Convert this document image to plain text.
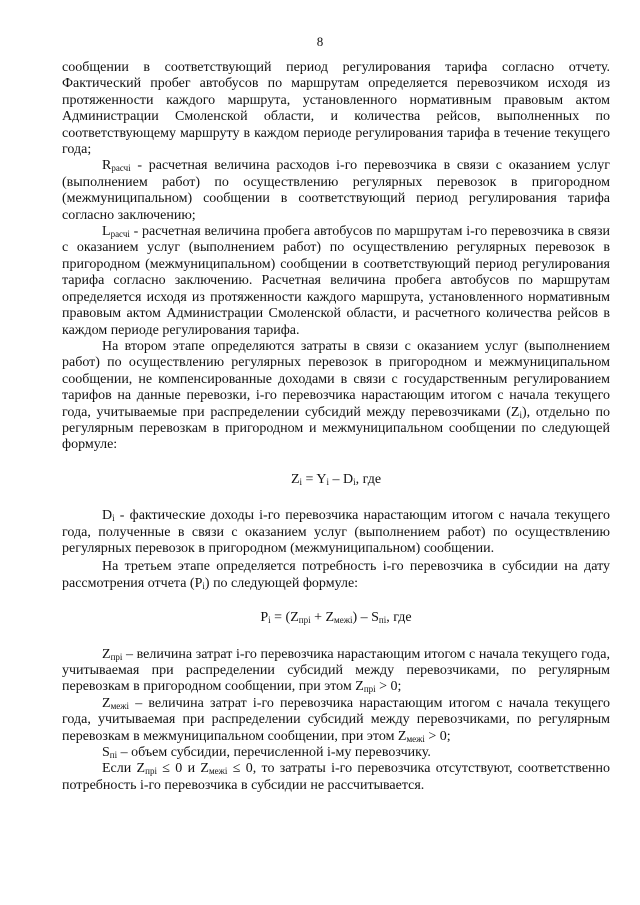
8

сообщении в соответствующий период регулирования тарифа согласно отчету. Фактический пробег автобусов по маршрутам определяется перевозчиком исходя из протяженности каждого маршрута, установленного нормативным правовым актом Администрации Смоленской области, и количества рейсов, выполненных по соответствующему маршруту в каждом периоде регулирования тарифа в течение текущего года;

$R_{расчi}$ - расчетная величина расходов i-го перевозчика в связи с оказанием услуг (выполнением работ) по осуществлению регулярных перевозок в пригородном (межмуниципальном) сообщении в соответствующий период регулирования тарифа согласно заключению;

$L_{расчi}$ - расчетная величина пробега автобусов по маршрутам i-го перевозчика в связи с оказанием услуг (выполнением работ) по осуществлению регулярных перевозок в пригородном (межмуниципальном) сообщении в соответствующий период регулирования тарифа согласно заключению. Расчетная величина пробега автобусов по маршрутам определяется исходя из протяженности каждого маршрута, установленного нормативным правовым актом Администрации Смоленской области, и расчетного количества рейсов в каждом периоде регулирования тарифа.

На втором этапе определяются затраты в связи с оказанием услуг (выполнением работ) по осуществлению регулярных перевозок в пригородном и межмуниципальном сообщении, не компенсированные доходами в связи с государственным регулированием тарифов на данные перевозки, i-го перевозчика нарастающим итогом с начала текущего года, учитываемые при распределении субсидий между перевозчиками $(Z_i)$, отдельно по регулярным перевозкам в пригородном и межмуниципальном сообщении по следующей формуле:

$Z_i = Y_i - D_i$, где

$D_i$ - фактические доходы i-го перевозчика нарастающим итогом с начала текущего года, полученные в связи с оказанием услуг (выполнением работ) по осуществлению регулярных перевозок в пригородном (межмуниципальном) сообщении.

На третьем этапе определяется потребность i-го перевозчика в субсидии на дату рассмотрения отчета $(P_i)$ по следующей формуле:

$P_i = (Z_{прi} + Z_{межi}) - S_{пi}$, где

$Z_{прi}$ – величина затрат i-го перевозчика нарастающим итогом с начала текущего года, учитываемая при распределении субсидий между перевозчиками, по регулярным перевозкам в пригородном сообщении, при этом $Z_{прi} > 0$;

$Z_{межi}$ – величина затрат i-го перевозчика нарастающим итогом с начала текущего года, учитываемая при распределении субсидий между перевозчиками, по регулярным перевозкам в межмуниципальном сообщении, при этом $Z_{межi} > 0$;

$S_{пi}$ – объем субсидии, перечисленной i-му перевозчику.

Если $Z_{прi} \le 0$ и $Z_{межi} \le 0$, то затраты i-го перевозчика отсутствуют, соответственно потребность i-го перевозчика в субсидии не рассчитывается.
